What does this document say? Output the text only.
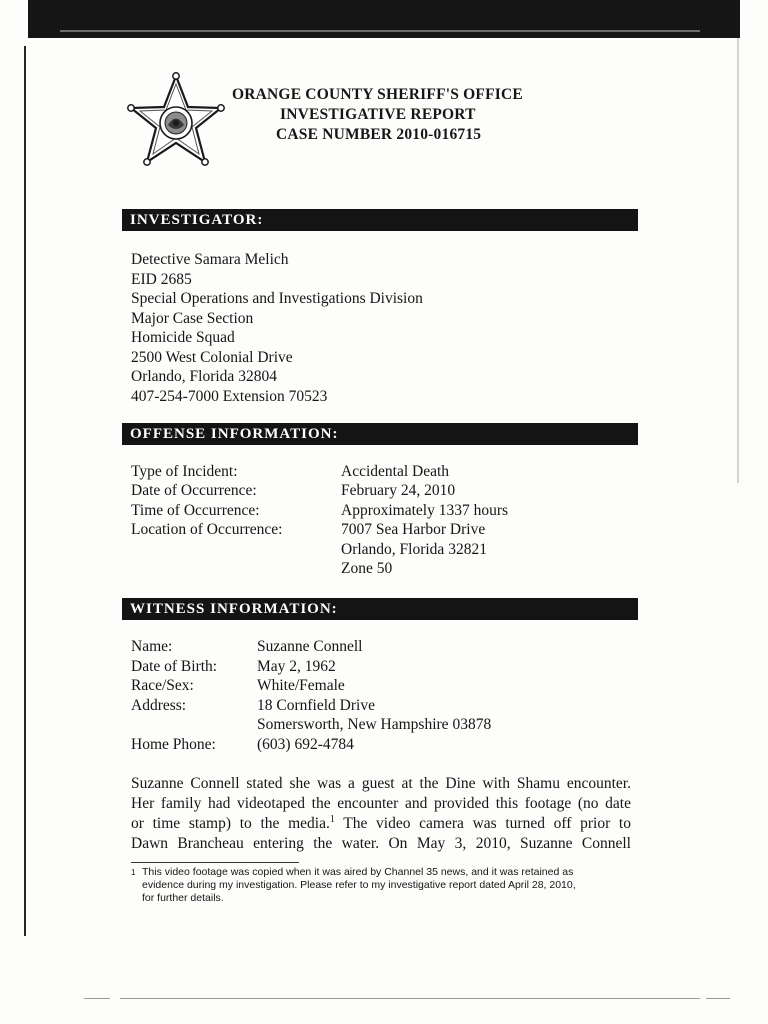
ORANGE COUNTY SHERIFF'S OFFICE
INVESTIGATIVE REPORT
CASE NUMBER 2010-016715
INVESTIGATOR:
Detective Samara Melich
EID 2685
Special Operations and Investigations Division
Major Case Section
Homicide Squad
2500 West Colonial Drive
Orlando, Florida 32804
407-254-7000 Extension 70523
OFFENSE INFORMATION:
Type of Incident:	Accidental Death
Date of Occurrence:	February 24, 2010
Time of Occurrence:	Approximately 1337 hours
Location of Occurrence:	7007 Sea Harbor Drive
Orlando, Florida 32821
Zone 50
WITNESS INFORMATION:
Name:	Suzanne Connell
Date of Birth:	May 2, 1962
Race/Sex:	White/Female
Address:	18 Cornfield Drive
Somersworth, New Hampshire 03878
Home Phone:	(603) 692-4784
Suzanne Connell stated she was a guest at the Dine with Shamu encounter.
Her family had videotaped the encounter and provided this footage (no date
or time stamp) to the media.$^1$ The video camera was turned off prior to
Dawn Brancheau entering the water. On May 3, 2010, Suzanne Connell
1 This video footage was copied when it was aired by Channel 35 news, and it was retained as
evidence during my investigation. Please refer to my investigative report dated April 28, 2010,
for further details.
